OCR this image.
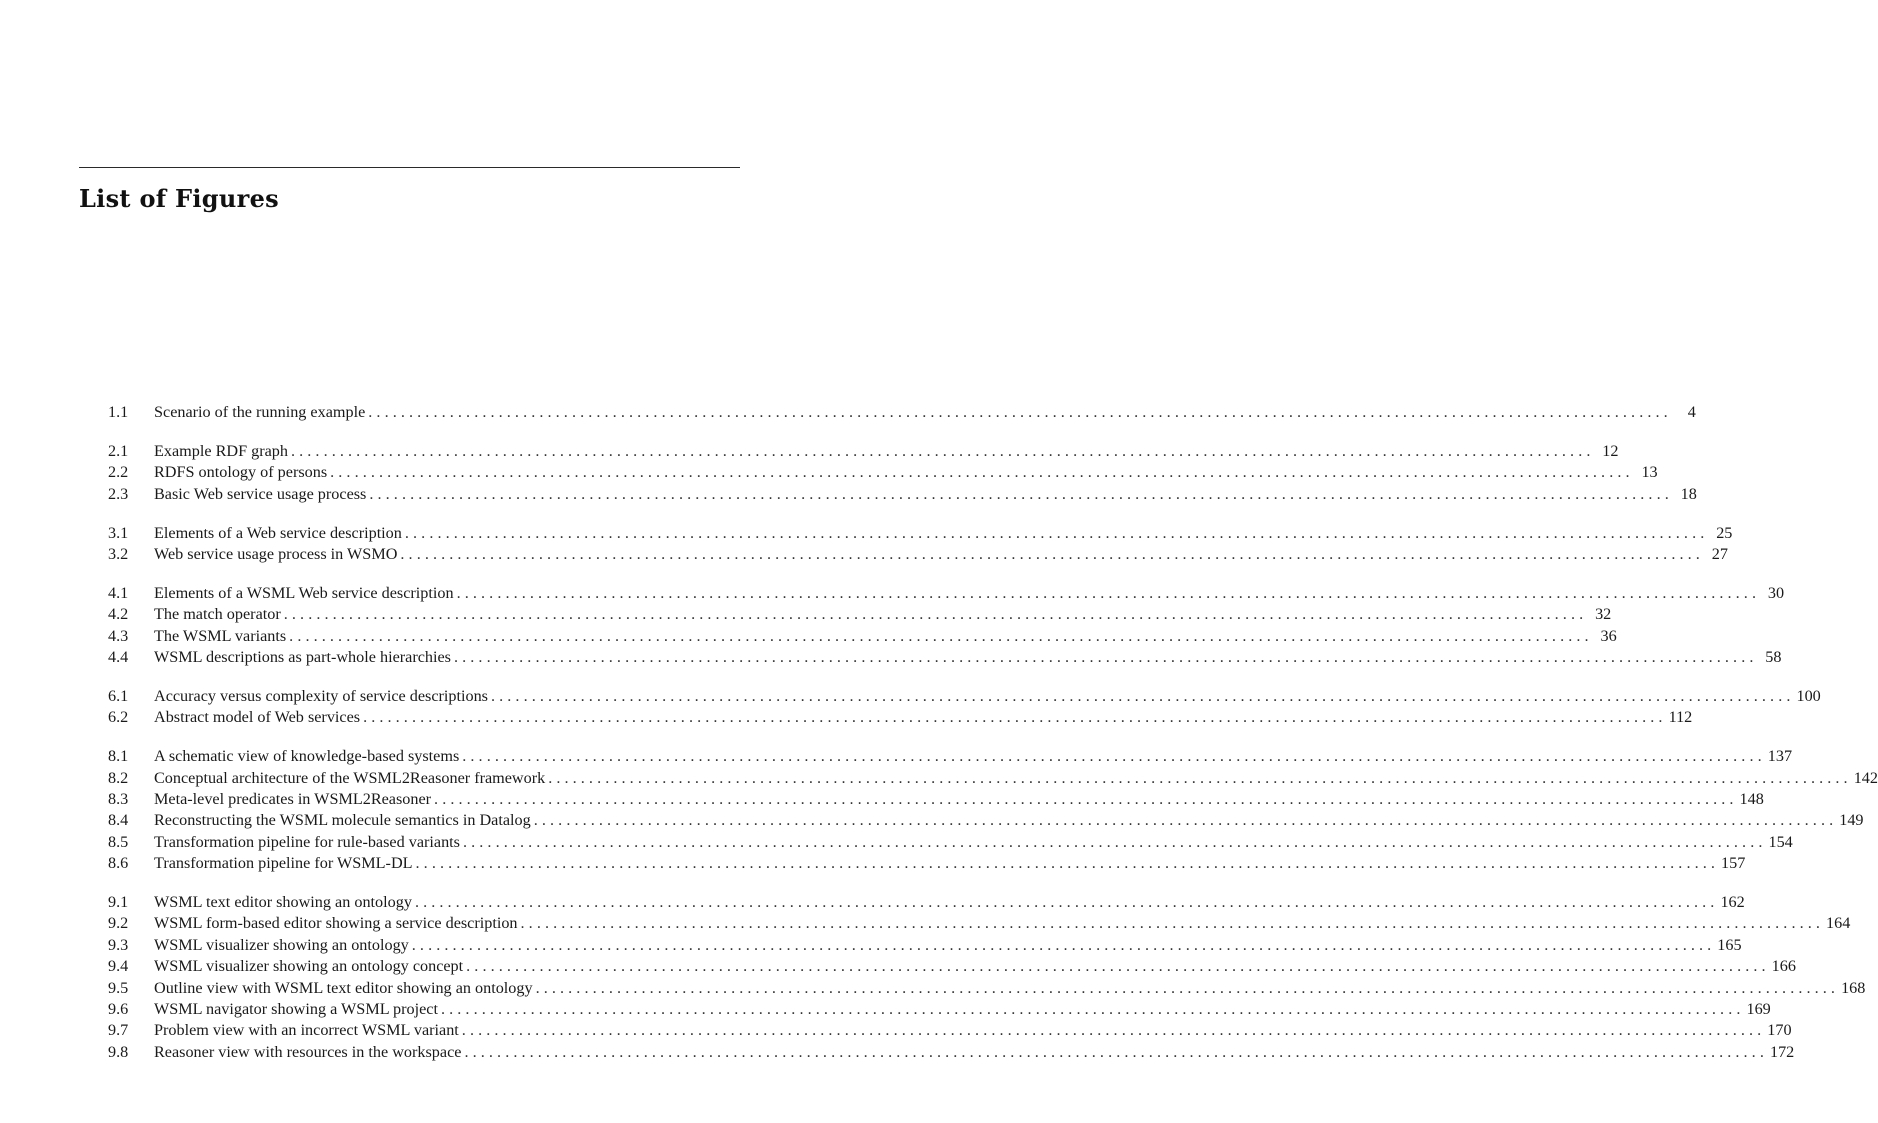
List of Figures
1.1	Scenario of the running example .....	4
2.1	Example RDF graph .....	12
2.2	RDFS ontology of persons .....	13
2.3	Basic Web service usage process .....	18
3.1	Elements of a Web service description .....	25
3.2	Web service usage process in WSMO .....	27
4.1	Elements of a WSML Web service description .....	30
4.2	The match operator .....	32
4.3	The WSML variants .....	36
4.4	WSML descriptions as part-whole hierarchies .....	58
6.1	Accuracy versus complexity of service descriptions .....	100
6.2	Abstract model of Web services .....	112
8.1	A schematic view of knowledge-based systems .....	137
8.2	Conceptual architecture of the WSML2Reasoner framework .....	142
8.3	Meta-level predicates in WSML2Reasoner .....	148
8.4	Reconstructing the WSML molecule semantics in Datalog .....	149
8.5	Transformation pipeline for rule-based variants .....	154
8.6	Transformation pipeline for WSML-DL .....	157
9.1	WSML text editor showing an ontology .....	162
9.2	WSML form-based editor showing a service description .....	164
9.3	WSML visualizer showing an ontology .....	165
9.4	WSML visualizer showing an ontology concept .....	166
9.5	Outline view with WSML text editor showing an ontology .....	168
9.6	WSML navigator showing a WSML project .....	169
9.7	Problem view with an incorrect WSML variant .....	170
9.8	Reasoner view with resources in the workspace .....	172
